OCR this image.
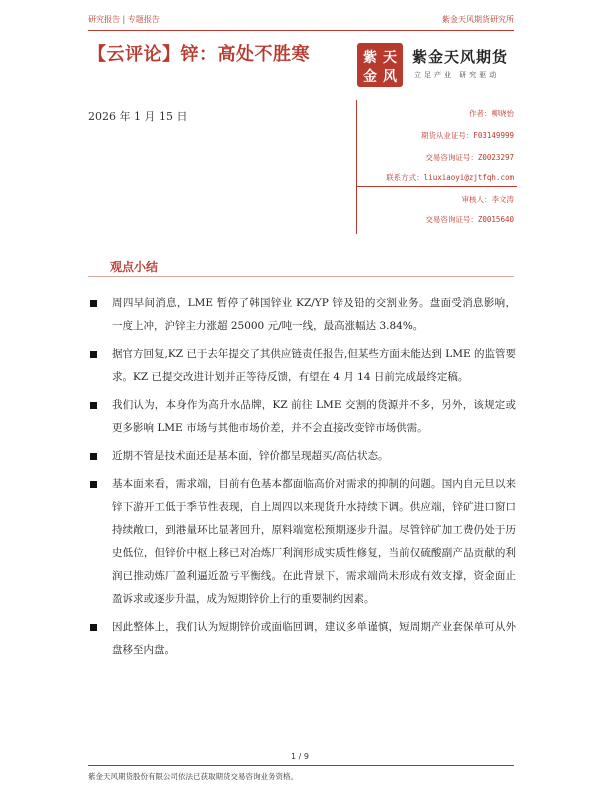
研究报告 | 专题报告	紫金天风期货研究所
【云评论】锌：高处不胜寒	紫 天
金 风
紫金天风期货
立足产业 研究驱动
2026 年 1 月 15 日	作者：柳晓怡
期货从业证号：F03149999
交易咨询证号：Z0023297
联系方式：liuxiaoyi@zjtfqh.com
审核人：李文涛
交易咨询证号：Z0015640
观点小结
周四早间消息，LME 暂停了韩国锌业 KZ/YP 锌及铅的交割业务。盘面受消息影响，一度上冲，沪锌主力涨超 25000 元/吨一线，最高涨幅达 3.84%。
据官方回复,KZ 已于去年提交了其供应链责任报告,但某些方面未能达到 LME 的监管要求。KZ 已提交改进计划并正等待反馈，有望在 4 月 14 日前完成最终定稿。
我们认为，本身作为高升水品牌，KZ 前往 LME 交割的货源并不多，另外，该规定或更多影响 LME 市场与其他市场价差，并不会直接改变锌市场供需。
近期不管是技术面还是基本面，锌价都呈现超买/高估状态。
基本面来看，需求端，目前有色基本都面临高价对需求的抑制的问题。国内自元旦以来锌下游开工低于季节性表现，自上周四以来现货升水持续下调。供应端，锌矿进口窗口持续敞口，到港量环比显著回升，原料端宽松预期逐步升温。尽管锌矿加工费仍处于历史低位，但锌价中枢上移已对冶炼厂利润形成实质性修复，当前仅硫酸副产品贡献的利润已推动炼厂盈利逼近盈亏平衡线。在此背景下，需求端尚未形成有效支撑，资金面止盈诉求或逐步升温，成为短期锌价上行的重要制约因素。
因此整体上，我们认为短期锌价或面临回调，建议多单谨慎，短周期产业套保单可从外盘移至内盘。
1 / 9
紫金天风期货股份有限公司依法已获取期货交易咨询业务资格。
